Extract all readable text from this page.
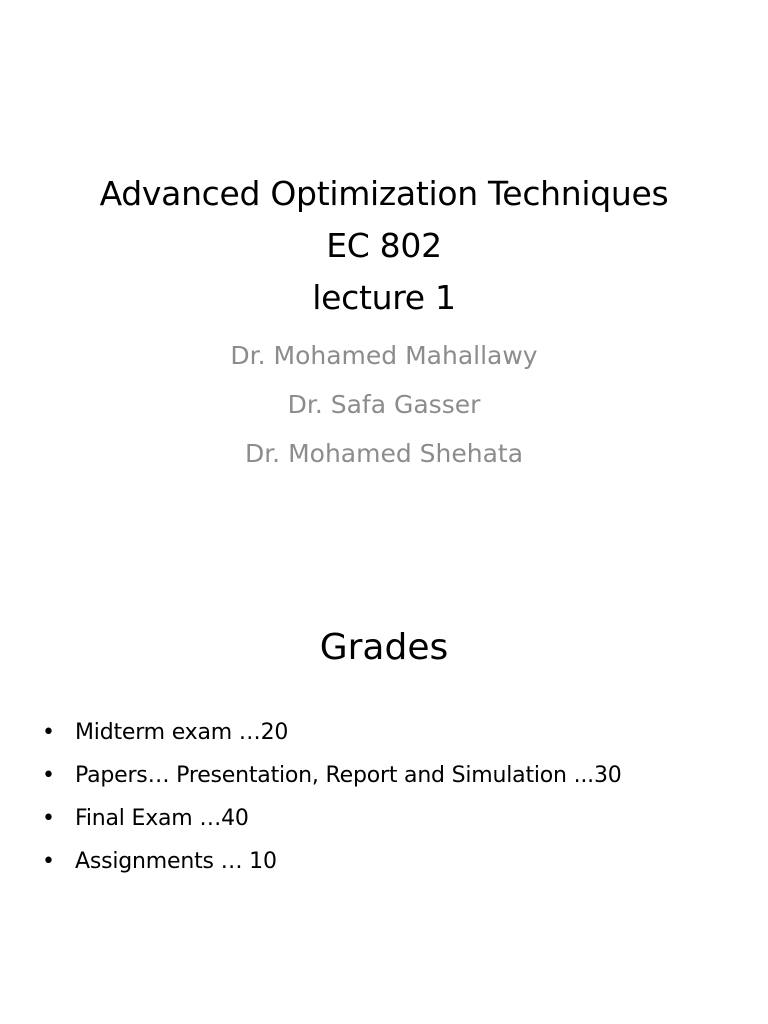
Advanced Optimization Techniques
EC 802
lecture 1
Dr. Mohamed Mahallawy
Dr. Safa Gasser
Dr. Mohamed Shehata
Grades
• Midterm exam …20
• Papers… Presentation, Report and Simulation ...30
• Final Exam …40
• Assignments … 10
